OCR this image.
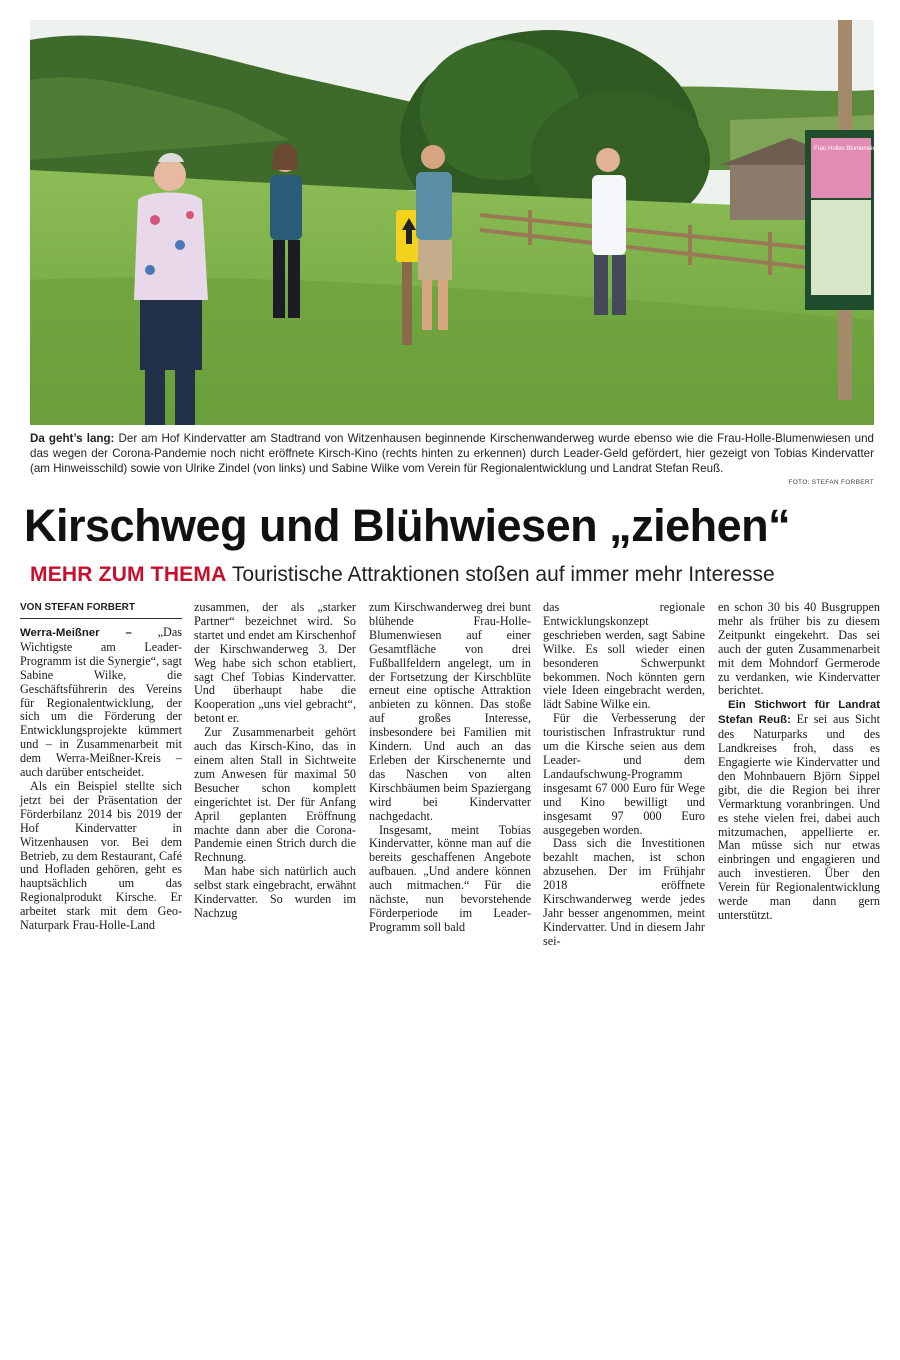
Frau Holles Blumenwiesen
Da geht’s lang: Der am Hof Kindervatter am Stadtrand von Witzenhausen beginnende Kirschenwanderweg wurde ebenso wie die Frau-Holle-Blumenwiesen und das wegen der Corona-Pandemie noch nicht eröffnete Kirsch-Kino (rechts hinten zu erkennen) durch Leader-Geld gefördert, hier gezeigt von Tobias Kindervatter (am Hinweisschild) sowie von Ulrike Zindel (von links) und Sabine Wilke vom Verein für Regionalentwicklung und Landrat Stefan Reuß.
FOTO: STEFAN FORBERT
Kirschweg und Blühwiesen „ziehen“
MEHR ZUM THEMA Touristische Attraktionen stoßen auf immer mehr Interesse
VON STEFAN FORBERT

Werra-Meißner – „Das Wichtigste am Leader-Programm ist die Synergie“, sagt Sabine Wilke, die Geschäftsführerin des Vereins für Regionalentwicklung, der sich um die Förderung der Entwicklungsprojekte kümmert und – in Zusammenarbeit mit dem Werra-Meißner-Kreis – auch darüber entscheidet.

Als ein Beispiel stellte sich jetzt bei der Präsentation der Förderbilanz 2014 bis 2019 der Hof Kindervatter in Witzenhausen vor. Bei dem Betrieb, zu dem Restaurant, Café und Hofladen gehören, geht es hauptsächlich um das Regionalprodukt Kirsche. Er arbeitet stark mit dem Geo-Naturpark Frau-Holle-Land

zusammen, der als „starker Partner“ bezeichnet wird. So startet und endet am Kirschenhof der Kirschwanderweg 3. Der Weg habe sich schon etabliert, sagt Chef Tobias Kindervatter. Und überhaupt habe die Kooperation „uns viel gebracht“, betont er.

Zur Zusammenarbeit gehört auch das Kirsch-Kino, das in einem alten Stall in Sichtweite zum Anwesen für maximal 50 Besucher schon komplett eingerichtet ist. Der für Anfang April geplanten Eröffnung machte dann aber die Corona-Pandemie einen Strich durch die Rechnung.

Man habe sich natürlich auch selbst stark eingebracht, erwähnt Kindervatter. So wurden im Nachzug

zum Kirschwanderweg drei bunt blühende Frau-Holle-Blumenwiesen auf einer Gesamtfläche von drei Fußballfeldern angelegt, um in der Fortsetzung der Kirschblüte erneut eine optische Attraktion anbieten zu können. Das stoße auf großes Interesse, insbesondere bei Familien mit Kindern. Und auch an das Erleben der Kirschenernte und das Naschen von alten Kirschbäumen beim Spaziergang wird bei Kindervatter nachgedacht.

Insgesamt, meint Tobias Kindervatter, könne man auf die bereits geschaffenen Angebote aufbauen. „Und andere können auch mitmachen.“ Für die nächste, nun bevorstehende Förderperiode im Leader-Programm soll bald

das regionale Entwicklungskonzept geschrieben werden, sagt Sabine Wilke. Es soll wieder einen besonderen Schwerpunkt bekommen. Noch könnten gern viele Ideen eingebracht werden, lädt Sabine Wilke ein.

Für die Verbesserung der touristischen Infrastruktur rund um die Kirsche seien aus dem Leader- und dem Landaufschwung-Programm insgesamt 67 000 Euro für Wege und Kino bewilligt und insgesamt 97 000 Euro ausgegeben worden.

Dass sich die Investitionen bezahlt machen, ist schon abzusehen. Der im Frühjahr 2018 eröffnete Kirschwanderweg werde jedes Jahr besser angenommen, meint Kindervatter. Und in diesem Jahr sei-

en schon 30 bis 40 Busgruppen mehr als früher bis zu diesem Zeitpunkt eingekehrt. Das sei auch der guten Zusammenarbeit mit dem Mohndorf Germerode zu verdanken, wie Kindervatter berichtet.

Ein Stichwort für Landrat Stefan Reuß: Er sei aus Sicht des Naturparks und des Landkreises froh, dass es Engagierte wie Kindervatter und den Mohnbauern Björn Sippel gibt, die die Region bei ihrer Vermarktung voranbringen. Und es stehe vielen frei, dabei auch mitzumachen, appellierte er. Man müsse sich nur etwas einbringen und engagieren und auch investieren. Über den Verein für Regionalentwicklung werde man dann gern unterstützt.
